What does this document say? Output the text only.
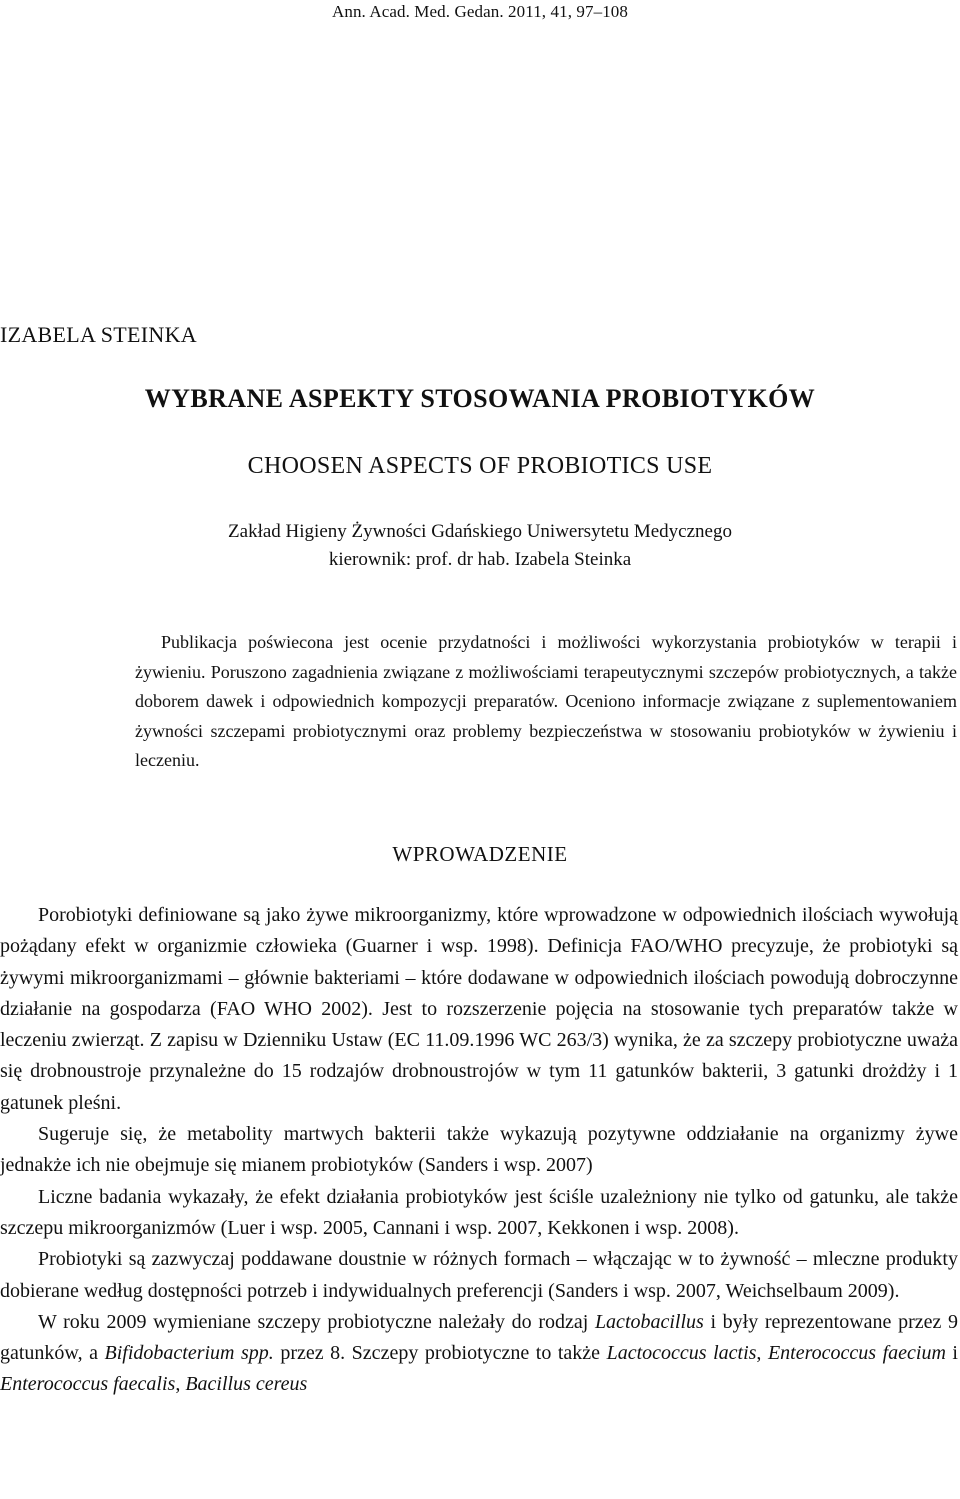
Ann. Acad. Med. Gedan. 2011, 41, 97–108
IZABELA STEINKA
WYBRANE ASPEKTY STOSOWANIA PROBIOTYKÓW
CHOOSEN ASPECTS OF PROBIOTICS USE
Zakład Higieny Żywności Gdańskiego Uniwersytetu Medycznego
kierownik: prof. dr hab. Izabela Steinka
Publikacja poświecona jest ocenie przydatności i możliwości wykorzystania probiotyków w terapii i żywieniu. Poruszono zagadnienia związane z możliwościami terapeutycznymi szczepów probiotycznych, a także doborem dawek i odpowiednich kompozycji preparatów. Oceniono informacje związane z suplementowaniem żywności szczepami probiotycznymi oraz problemy bezpieczeństwa w stosowaniu probiotyków w żywieniu i leczeniu.
WPROWADZENIE

Porobiotyki definiowane są jako żywe mikroorganizmy, które wprowadzone w odpowiednich ilościach wywołują pożądany efekt w organizmie człowieka (Guarner i wsp. 1998). Definicja FAO/WHO precyzuje, że probiotyki są żywymi mikroorganizmami – głównie bakteriami – które dodawane w odpowiednich ilościach powodują dobroczynne działanie na gospodarza (FAO WHO 2002). Jest to rozszerzenie pojęcia na stosowanie tych preparatów także w leczeniu zwierząt. Z zapisu w Dzienniku Ustaw (EC 11.09.1996 WC 263/3) wynika, że za szczepy probiotyczne uważa się drobnoustroje przynależne do 15 rodzajów drobnoustrojów w tym 11 gatunków bakterii, 3 gatunki drożdży i 1 gatunek pleśni.

Sugeruje się, że metabolity martwych bakterii także wykazują pozytywne oddziałanie na organizmy żywe jednakże ich nie obejmuje się mianem probiotyków (Sanders i wsp. 2007)

Liczne badania wykazały, że efekt działania probiotyków jest ściśle uzależniony nie tylko od gatunku, ale także szczepu mikroorganizmów (Luer i wsp. 2005, Cannani i wsp. 2007, Kekkonen i wsp. 2008).

Probiotyki są zazwyczaj poddawane doustnie w różnych formach – włączając w to żywność – mleczne produkty dobierane według dostępności potrzeb i indywidualnych preferencji (Sanders i wsp. 2007, Weichselbaum 2009).

W roku 2009 wymieniane szczepy probiotyczne należały do rodzaj Lactobacillus i były reprezentowane przez 9 gatunków, a Bifidobacterium spp. przez 8. Szczepy probiotyczne to także Lactococcus lactis, Enterococcus faecium i Enterococcus faecalis, Bacillus cereus
